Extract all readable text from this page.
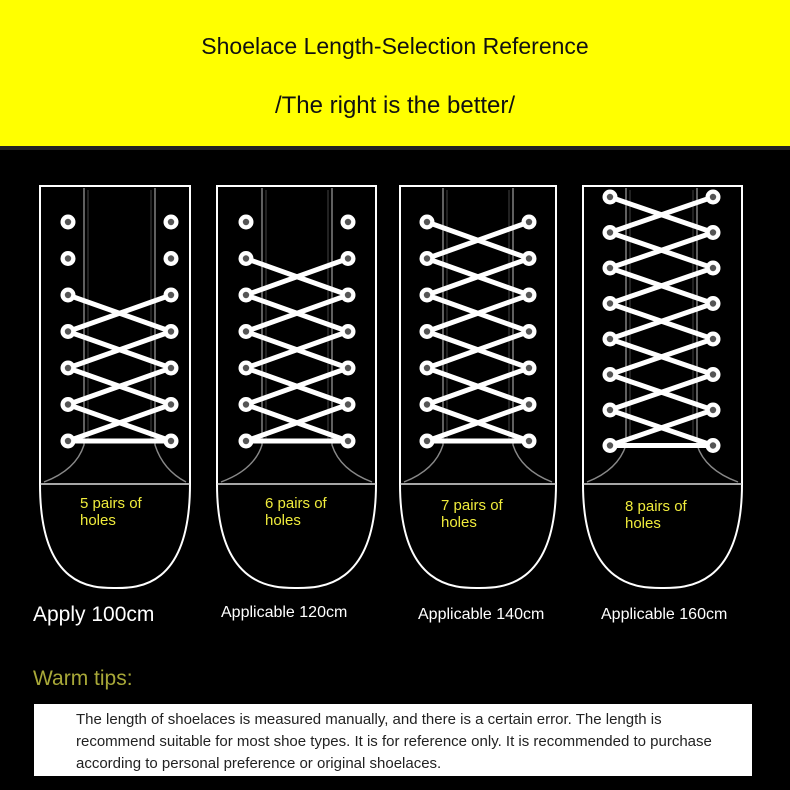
Shoelace Length-Selection Reference
/The right is the better/
5 pairs of
holes
6 pairs of
holes
7 pairs of
holes
8 pairs of
holes
Apply 100cm	Applicable 120cm	Applicable 140cm	Applicable 160cm
Warm tips:
The length of shoelaces is measured manually, and there is a certain error. The length is recommend suitable for most shoe types. It is for reference only. It is recommended to purchase according to personal preference or original shoelaces.
